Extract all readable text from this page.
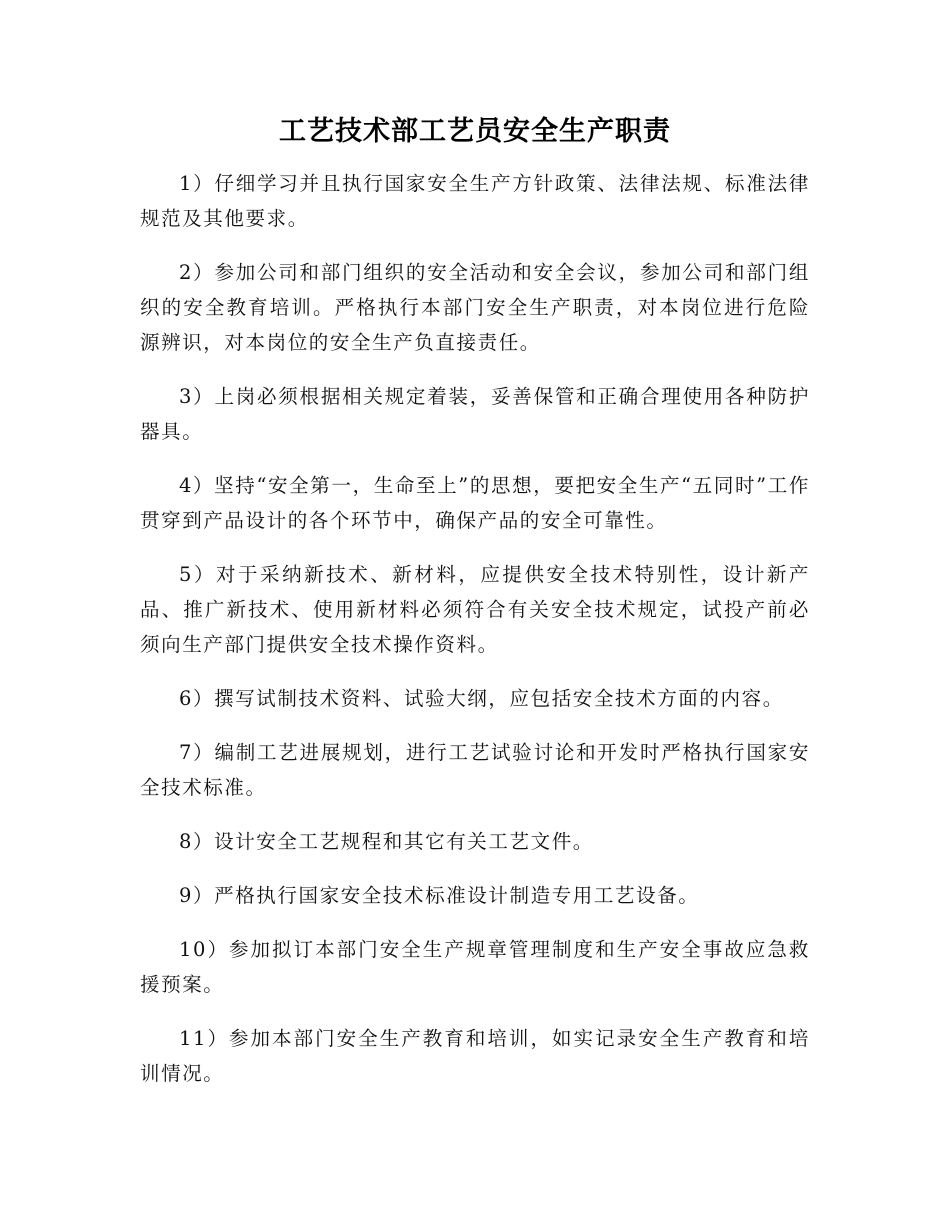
工艺技术部工艺员安全生产职责

1）仔细学习并且执行国家安全生产方针政策、法律法规、标准法律规范及其他要求。

2）参加公司和部门组织的安全活动和安全会议，参加公司和部门组织的安全教育培训。严格执行本部门安全生产职责，对本岗位进行危险源辨识，对本岗位的安全生产负直接责任。

3）上岗必须根据相关规定着装，妥善保管和正确合理使用各种防护器具。

4）坚持“安全第一，生命至上”的思想，要把安全生产“五同时”工作贯穿到产品设计的各个环节中，确保产品的安全可靠性。

5）对于采纳新技术、新材料，应提供安全技术特别性，设计新产品、推广新技术、使用新材料必须符合有关安全技术规定，试投产前必须向生产部门提供安全技术操作资料。

6）撰写试制技术资料、试验大纲，应包括安全技术方面的内容。

7）编制工艺进展规划，进行工艺试验讨论和开发时严格执行国家安全技术标准。

8）设计安全工艺规程和其它有关工艺文件。

9）严格执行国家安全技术标准设计制造专用工艺设备。

10）参加拟订本部门安全生产规章管理制度和生产安全事故应急救援预案。

11）参加本部门安全生产教育和培训，如实记录安全生产教育和培训情况。
